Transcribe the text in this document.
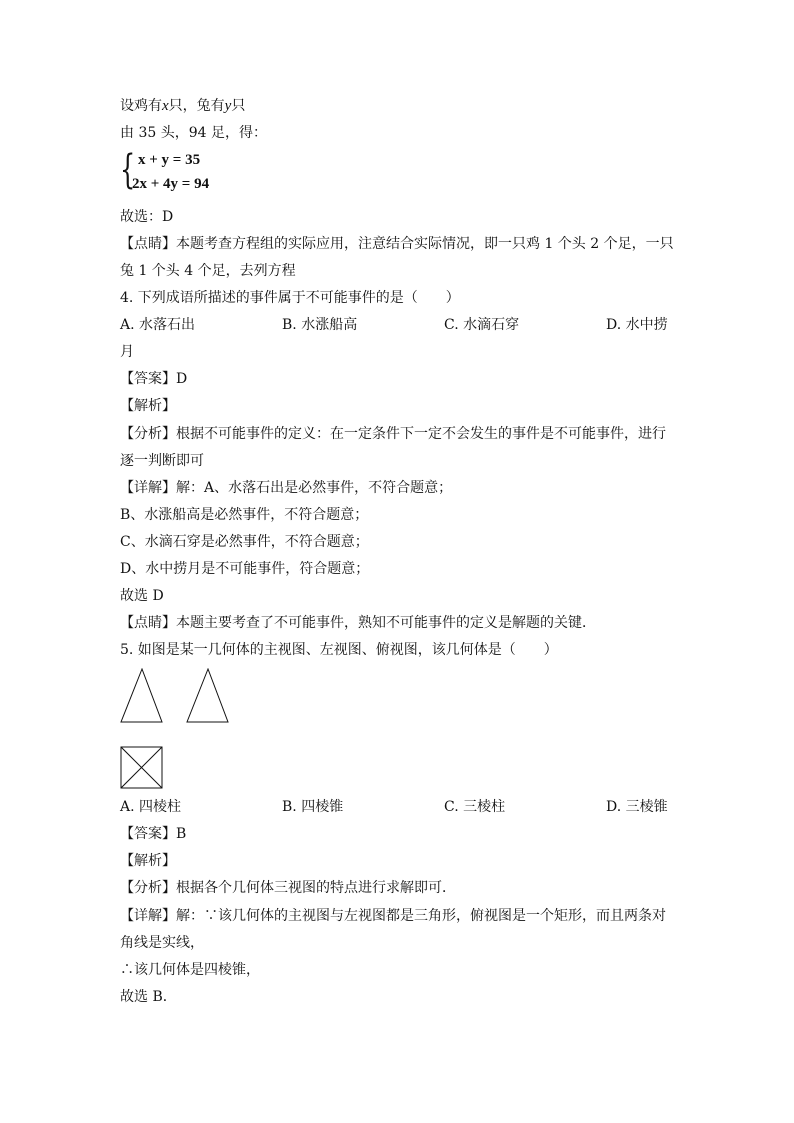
设鸡有x只，兔有y只
由 35 头，94 足，得：
{ x + y = 35
2x + 4y = 94
故选：D
【点睛】本题考查方程组的实际应用，注意结合实际情况，即一只鸡 1 个头 2 个足，一只
兔 1 个头 4 个足，去列方程
4. 下列成语所描述的事件属于不可能事件的是（　　）
A. 水落石出	B. 水涨船高	C. 水滴石穿	D. 水中捞
月
【答案】D
【解析】
【分析】根据不可能事件的定义：在一定条件下一定不会发生的事件是不可能事件，进行
逐一判断即可
【详解】解：A、水落石出是必然事件，不符合题意；
B、水涨船高是必然事件，不符合题意；
C、水滴石穿是必然事件，不符合题意；
D、水中捞月是不可能事件，符合题意；
故选 D
【点睛】本题主要考查了不可能事件，熟知不可能事件的定义是解题的关键．
5. 如图是某一几何体的主视图、左视图、俯视图，该几何体是（　　）
A. 四棱柱	B. 四棱锥	C. 三棱柱	D. 三棱锥
【答案】B
【解析】
【分析】根据各个几何体三视图的特点进行求解即可．
【详解】解：∵该几何体的主视图与左视图都是三角形，俯视图是一个矩形，而且两条对
角线是实线，
∴该几何体是四棱锥，
故选 B．
